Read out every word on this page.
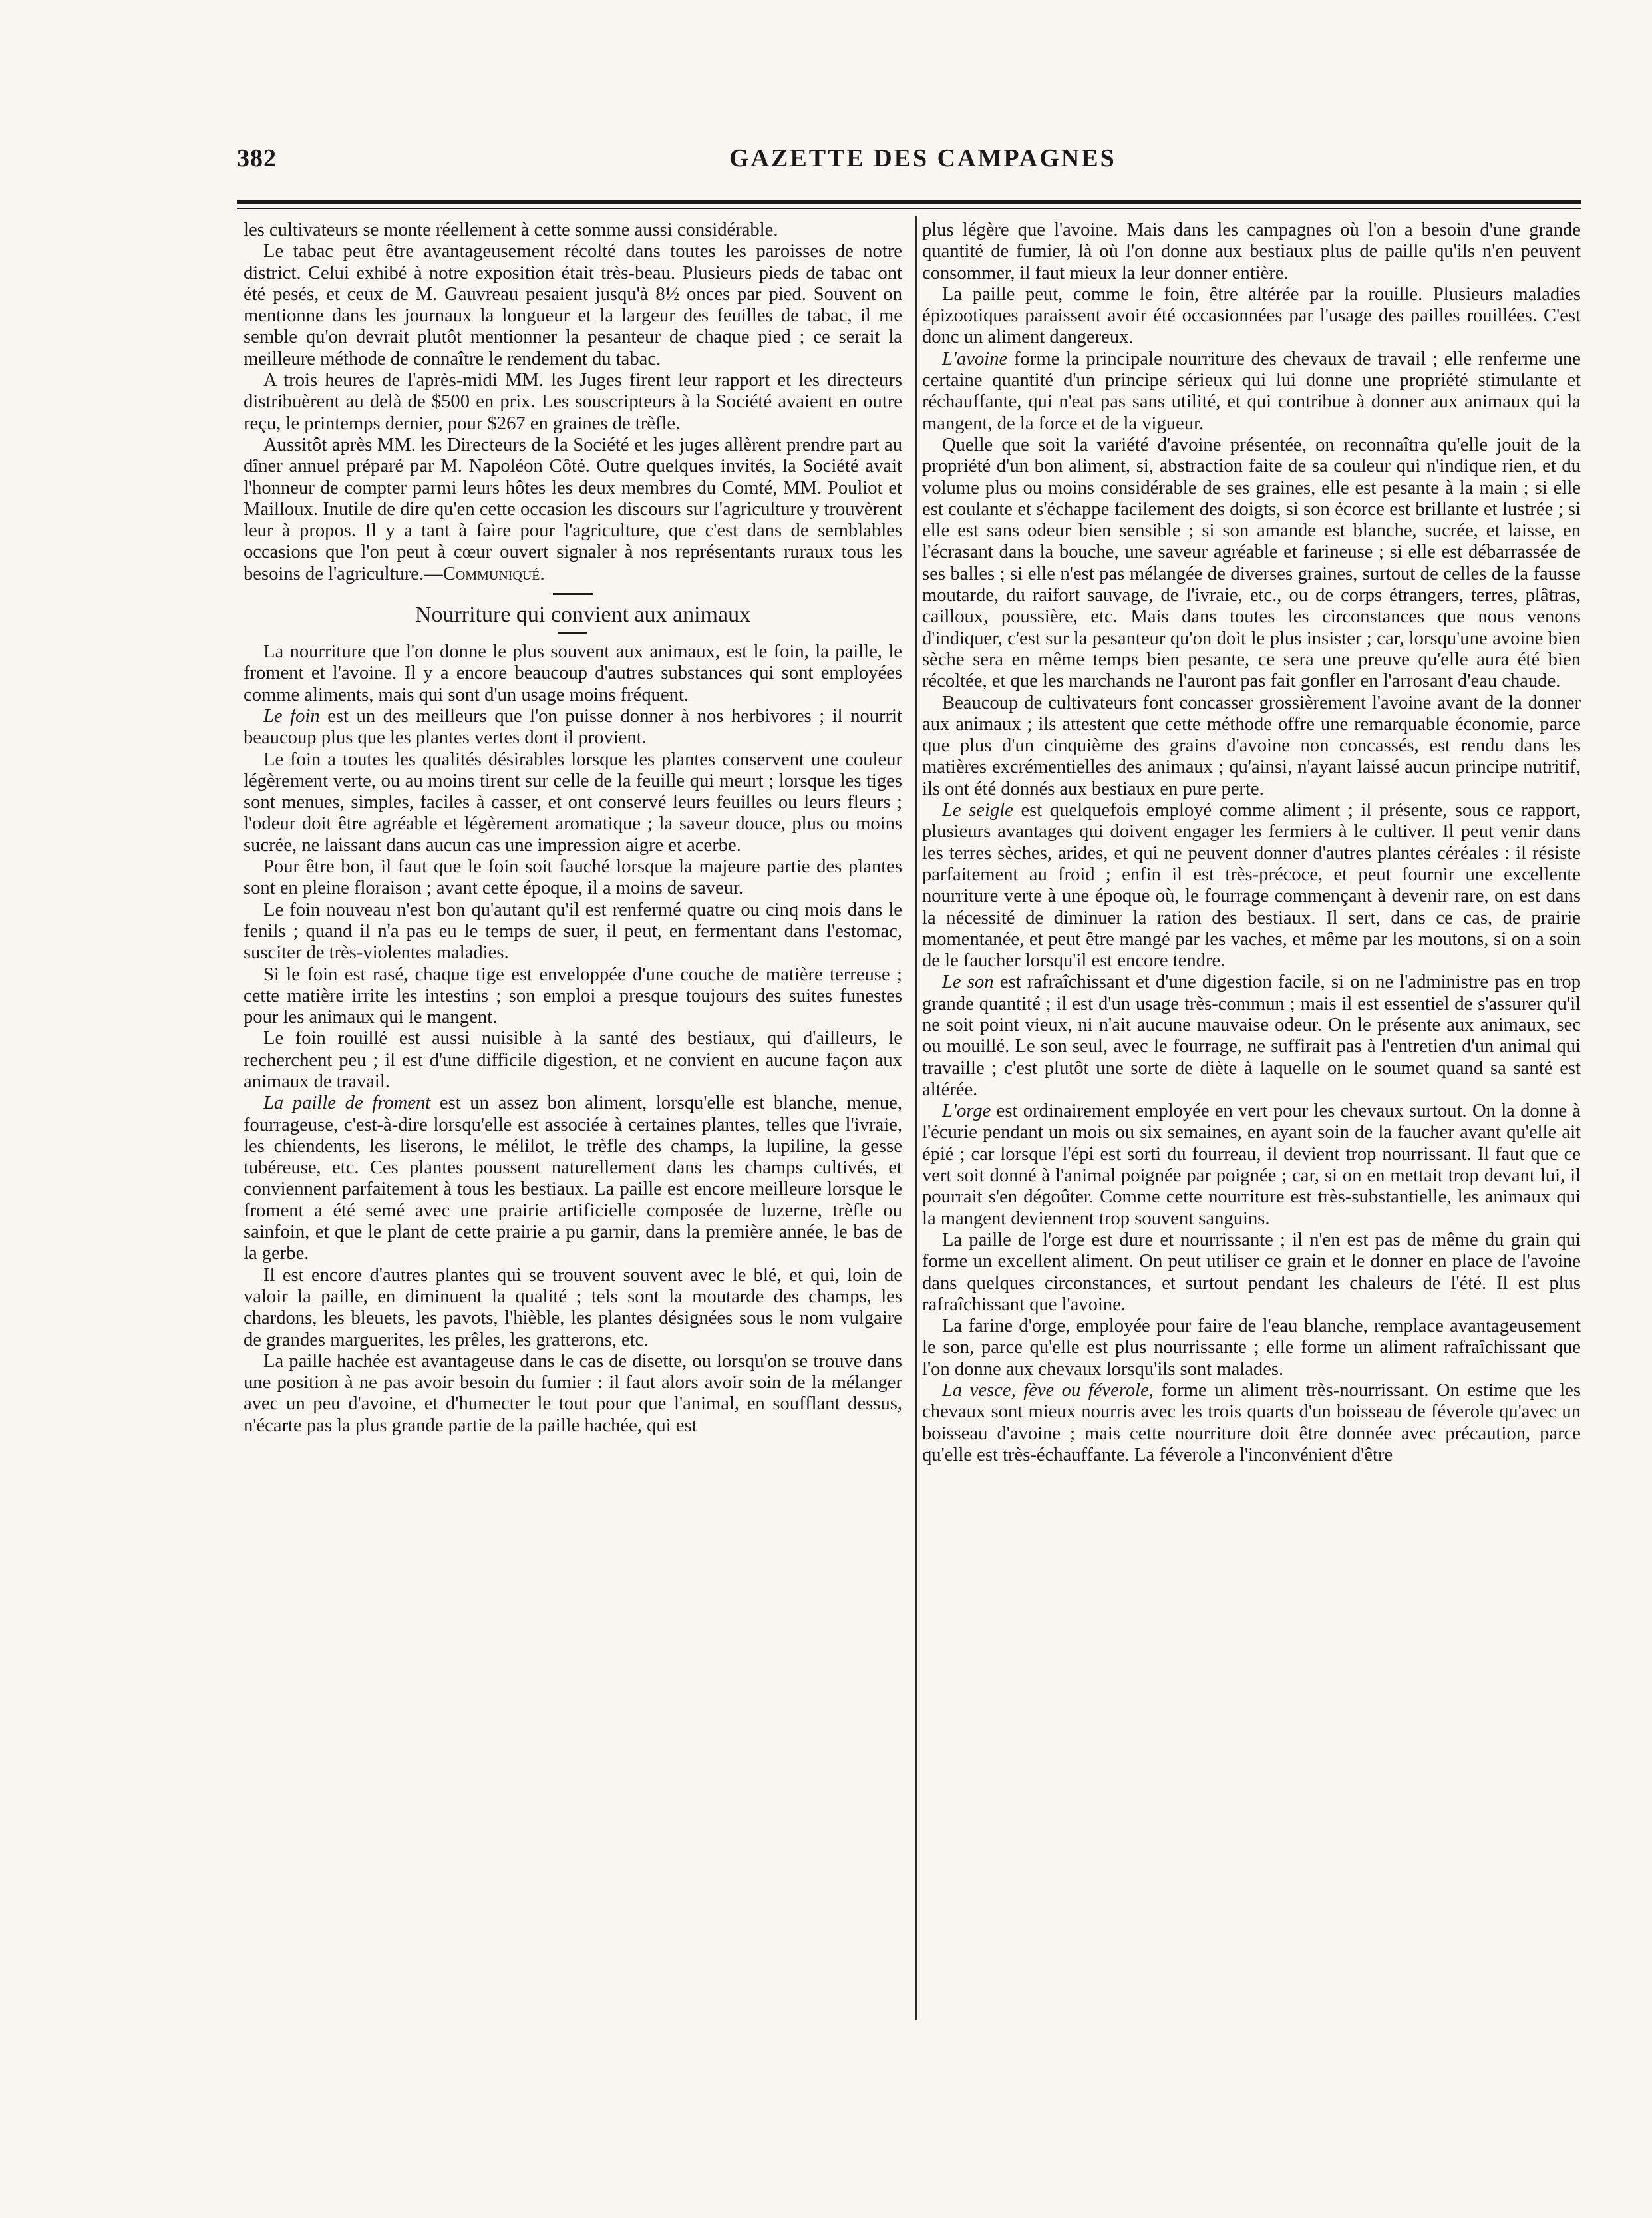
382	GAZETTE DES CAMPAGNES

les cultivateurs se monte réellement à cette somme aussi considérable.

Le tabac peut être avantageusement récolté dans toutes les paroisses de notre district. Celui exhibé à notre exposition était très-beau. Plusieurs pieds de tabac ont été pesés, et ceux de M. Gauvreau pesaient jusqu'à 8½ onces par pied. Souvent on mentionne dans les journaux la longueur et la largeur des feuilles de tabac, il me semble qu'on devrait plutôt mentionner la pesanteur de chaque pied ; ce serait la meilleure méthode de connaître le rendement du tabac.

A trois heures de l'après-midi MM. les Juges firent leur rapport et les directeurs distribuèrent au delà de $500 en prix. Les souscripteurs à la Société avaient en outre reçu, le printemps dernier, pour $267 en graines de trèfle.

Aussitôt après MM. les Directeurs de la Société et les juges allèrent prendre part au dîner annuel préparé par M. Napoléon Côté. Outre quelques invités, la Société avait l'honneur de compter parmi leurs hôtes les deux membres du Comté, MM. Pouliot et Mailloux. Inutile de dire qu'en cette occasion les discours sur l'agriculture y trouvèrent leur à propos. Il y a tant à faire pour l'agriculture, que c'est dans de semblables occasions que l'on peut à cœur ouvert signaler à nos représentants ruraux tous les besoins de l'agriculture.—Communiqué.

Nourriture qui convient aux animaux

La nourriture que l'on donne le plus souvent aux animaux, est le foin, la paille, le froment et l'avoine. Il y a encore beaucoup d'autres substances qui sont employées comme aliments, mais qui sont d'un usage moins fréquent.

Le foin est un des meilleurs que l'on puisse donner à nos herbivores ; il nourrit beaucoup plus que les plantes vertes dont il provient.

Le foin a toutes les qualités désirables lorsque les plantes conservent une couleur légèrement verte, ou au moins tirent sur celle de la feuille qui meurt ; lorsque les tiges sont menues, simples, faciles à casser, et ont conservé leurs feuilles ou leurs fleurs ; l'odeur doit être agréable et légèrement aromatique ; la saveur douce, plus ou moins sucrée, ne laissant dans aucun cas une impression aigre et acerbe.

Pour être bon, il faut que le foin soit fauché lorsque la majeure partie des plantes sont en pleine floraison ; avant cette époque, il a moins de saveur.

Le foin nouveau n'est bon qu'autant qu'il est renfermé quatre ou cinq mois dans le fenils ; quand il n'a pas eu le temps de suer, il peut, en fermentant dans l'estomac, susciter de très-violentes maladies.

Si le foin est rasé, chaque tige est enveloppée d'une couche de matière terreuse ; cette matière irrite les intestins ; son emploi a presque toujours des suites funestes pour les animaux qui le mangent.

Le foin rouillé est aussi nuisible à la santé des bestiaux, qui d'ailleurs, le recherchent peu ; il est d'une difficile digestion, et ne convient en aucune façon aux animaux de travail.

La paille de froment est un assez bon aliment, lorsqu'elle est blanche, menue, fourrageuse, c'est-à-dire lorsqu'elle est associée à certaines plantes, telles que l'ivraie, les chiendents, les liserons, le mélilot, le trèfle des champs, la lupiline, la gesse tubéreuse, etc. Ces plantes poussent naturellement dans les champs cultivés, et conviennent parfaitement à tous les bestiaux. La paille est encore meilleure lorsque le froment a été semé avec une prairie artificielle composée de luzerne, trèfle ou sainfoin, et que le plant de cette prairie a pu garnir, dans la première année, le bas de la gerbe.

Il est encore d'autres plantes qui se trouvent souvent avec le blé, et qui, loin de valoir la paille, en diminuent la qualité ; tels sont la moutarde des champs, les chardons, les bleuets, les pavots, l'hièble, les plantes désignées sous le nom vulgaire de grandes marguerites, les prêles, les gratterons, etc.

La paille hachée est avantageuse dans le cas de disette, ou lorsqu'on se trouve dans une position à ne pas avoir besoin du fumier : il faut alors avoir soin de la mélanger avec un peu d'avoine, et d'humecter le tout pour que l'animal, en soufflant dessus, n'écarte pas la plus grande partie de la paille hachée, qui est

plus légère que l'avoine. Mais dans les campagnes où l'on a besoin d'une grande quantité de fumier, là où l'on donne aux bestiaux plus de paille qu'ils n'en peuvent consommer, il faut mieux la leur donner entière.

La paille peut, comme le foin, être altérée par la rouille. Plusieurs maladies épizootiques paraissent avoir été occasionnées par l'usage des pailles rouillées. C'est donc un aliment dangereux.

L'avoine forme la principale nourriture des chevaux de travail ; elle renferme une certaine quantité d'un principe sérieux qui lui donne une propriété stimulante et réchauffante, qui n'eat pas sans utilité, et qui contribue à donner aux animaux qui la mangent, de la force et de la vigueur.

Quelle que soit la variété d'avoine présentée, on reconnaîtra qu'elle jouit de la propriété d'un bon aliment, si, abstraction faite de sa couleur qui n'indique rien, et du volume plus ou moins considérable de ses graines, elle est pesante à la main ; si elle est coulante et s'échappe facilement des doigts, si son écorce est brillante et lustrée ; si elle est sans odeur bien sensible ; si son amande est blanche, sucrée, et laisse, en l'écrasant dans la bouche, une saveur agréable et farineuse ; si elle est débarrassée de ses balles ; si elle n'est pas mélangée de diverses graines, surtout de celles de la fausse moutarde, du raifort sauvage, de l'ivraie, etc., ou de corps étrangers, terres, plâtras, cailloux, poussière, etc. Mais dans toutes les circonstances que nous venons d'indiquer, c'est sur la pesanteur qu'on doit le plus insister ; car, lorsqu'une avoine bien sèche sera en même temps bien pesante, ce sera une preuve qu'elle aura été bien récoltée, et que les marchands ne l'auront pas fait gonfler en l'arrosant d'eau chaude.

Beaucoup de cultivateurs font concasser grossièrement l'avoine avant de la donner aux animaux ; ils attestent que cette méthode offre une remarquable économie, parce que plus d'un cinquième des grains d'avoine non concassés, est rendu dans les matières excrémentielles des animaux ; qu'ainsi, n'ayant laissé aucun principe nutritif, ils ont été donnés aux bestiaux en pure perte.

Le seigle est quelquefois employé comme aliment ; il présente, sous ce rapport, plusieurs avantages qui doivent engager les fermiers à le cultiver. Il peut venir dans les terres sèches, arides, et qui ne peuvent donner d'autres plantes céréales : il résiste parfaitement au froid ; enfin il est très-précoce, et peut fournir une excellente nourriture verte à une époque où, le fourrage commençant à devenir rare, on est dans la nécessité de diminuer la ration des bestiaux. Il sert, dans ce cas, de prairie momentanée, et peut être mangé par les vaches, et même par les moutons, si on a soin de le faucher lorsqu'il est encore tendre.

Le son est rafraîchissant et d'une digestion facile, si on ne l'administre pas en trop grande quantité ; il est d'un usage très-commun ; mais il est essentiel de s'assurer qu'il ne soit point vieux, ni n'ait aucune mauvaise odeur. On le présente aux animaux, sec ou mouillé. Le son seul, avec le fourrage, ne suffirait pas à l'entretien d'un animal qui travaille ; c'est plutôt une sorte de diète à laquelle on le soumet quand sa santé est altérée.

L'orge est ordinairement employée en vert pour les chevaux surtout. On la donne à l'écurie pendant un mois ou six semaines, en ayant soin de la faucher avant qu'elle ait épié ; car lorsque l'épi est sorti du fourreau, il devient trop nourrissant. Il faut que ce vert soit donné à l'animal poignée par poignée ; car, si on en mettait trop devant lui, il pourrait s'en dégoûter. Comme cette nourriture est très-substantielle, les animaux qui la mangent deviennent trop souvent sanguins.

La paille de l'orge est dure et nourrissante ; il n'en est pas de même du grain qui forme un excellent aliment. On peut utiliser ce grain et le donner en place de l'avoine dans quelques circonstances, et surtout pendant les chaleurs de l'été. Il est plus rafraîchissant que l'avoine.

La farine d'orge, employée pour faire de l'eau blanche, remplace avantageusement le son, parce qu'elle est plus nourrissante ; elle forme un aliment rafraîchissant que l'on donne aux chevaux lorsqu'ils sont malades.

La vesce, fève ou féverole, forme un aliment très-nourrissant. On estime que les chevaux sont mieux nourris avec les trois quarts d'un boisseau de féverole qu'avec un boisseau d'avoine ; mais cette nourriture doit être donnée avec précaution, parce qu'elle est très-échauffante. La féverole a l'inconvénient d'être
